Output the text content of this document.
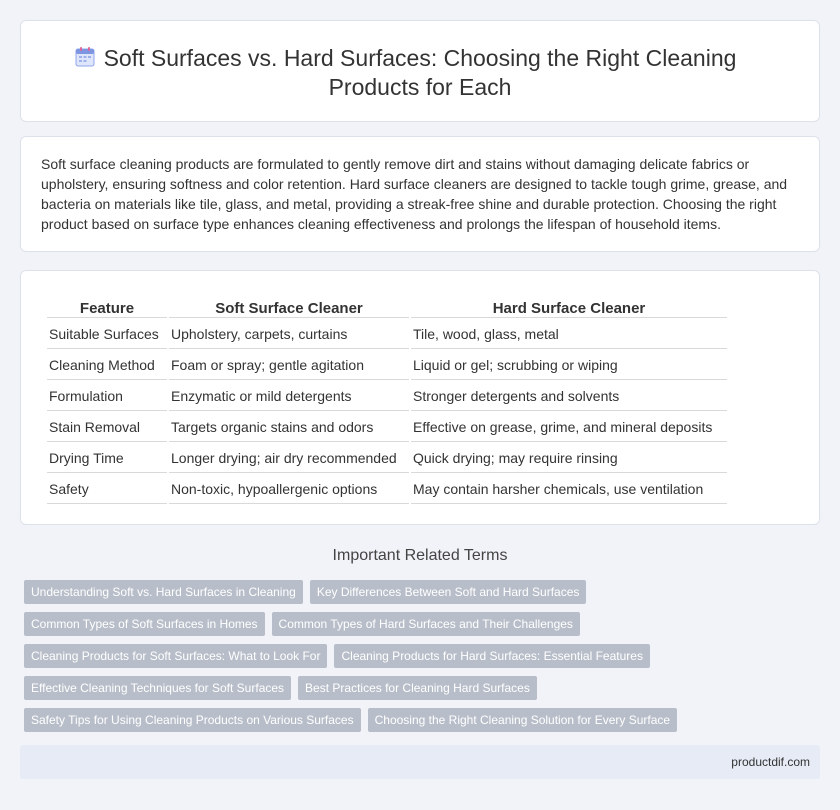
Soft Surfaces vs. Hard Surfaces: Choosing the Right Cleaning Products for Each

Soft surface cleaning products are formulated to gently remove dirt and stains without damaging delicate fabrics or upholstery, ensuring softness and color retention. Hard surface cleaners are designed to tackle tough grime, grease, and bacteria on materials like tile, glass, and metal, providing a streak-free shine and durable protection. Choosing the right product based on surface type enhances cleaning effectiveness and prolongs the lifespan of household items.

Feature	Soft Surface Cleaner	Hard Surface Cleaner
Suitable Surfaces	Upholstery, carpets, curtains	Tile, wood, glass, metal
Cleaning Method	Foam or spray; gentle agitation	Liquid or gel; scrubbing or wiping
Formulation	Enzymatic or mild detergents	Stronger detergents and solvents
Stain Removal	Targets organic stains and odors	Effective on grease, grime, and mineral deposits
Drying Time	Longer drying; air dry recommended	Quick drying; may require rinsing
Safety	Non-toxic, hypoallergenic options	May contain harsher chemicals, use ventilation
Important Related Terms
Understanding Soft vs. Hard Surfaces in Cleaning Key Differences Between Soft and Hard Surfaces
Common Types of Soft Surfaces in Homes Common Types of Hard Surfaces and Their Challenges
Cleaning Products for Soft Surfaces: What to Look For Cleaning Products for Hard Surfaces: Essential Features
Effective Cleaning Techniques for Soft Surfaces Best Practices for Cleaning Hard Surfaces
Safety Tips for Using Cleaning Products on Various Surfaces Choosing the Right Cleaning Solution for Every Surface
productdif.com
